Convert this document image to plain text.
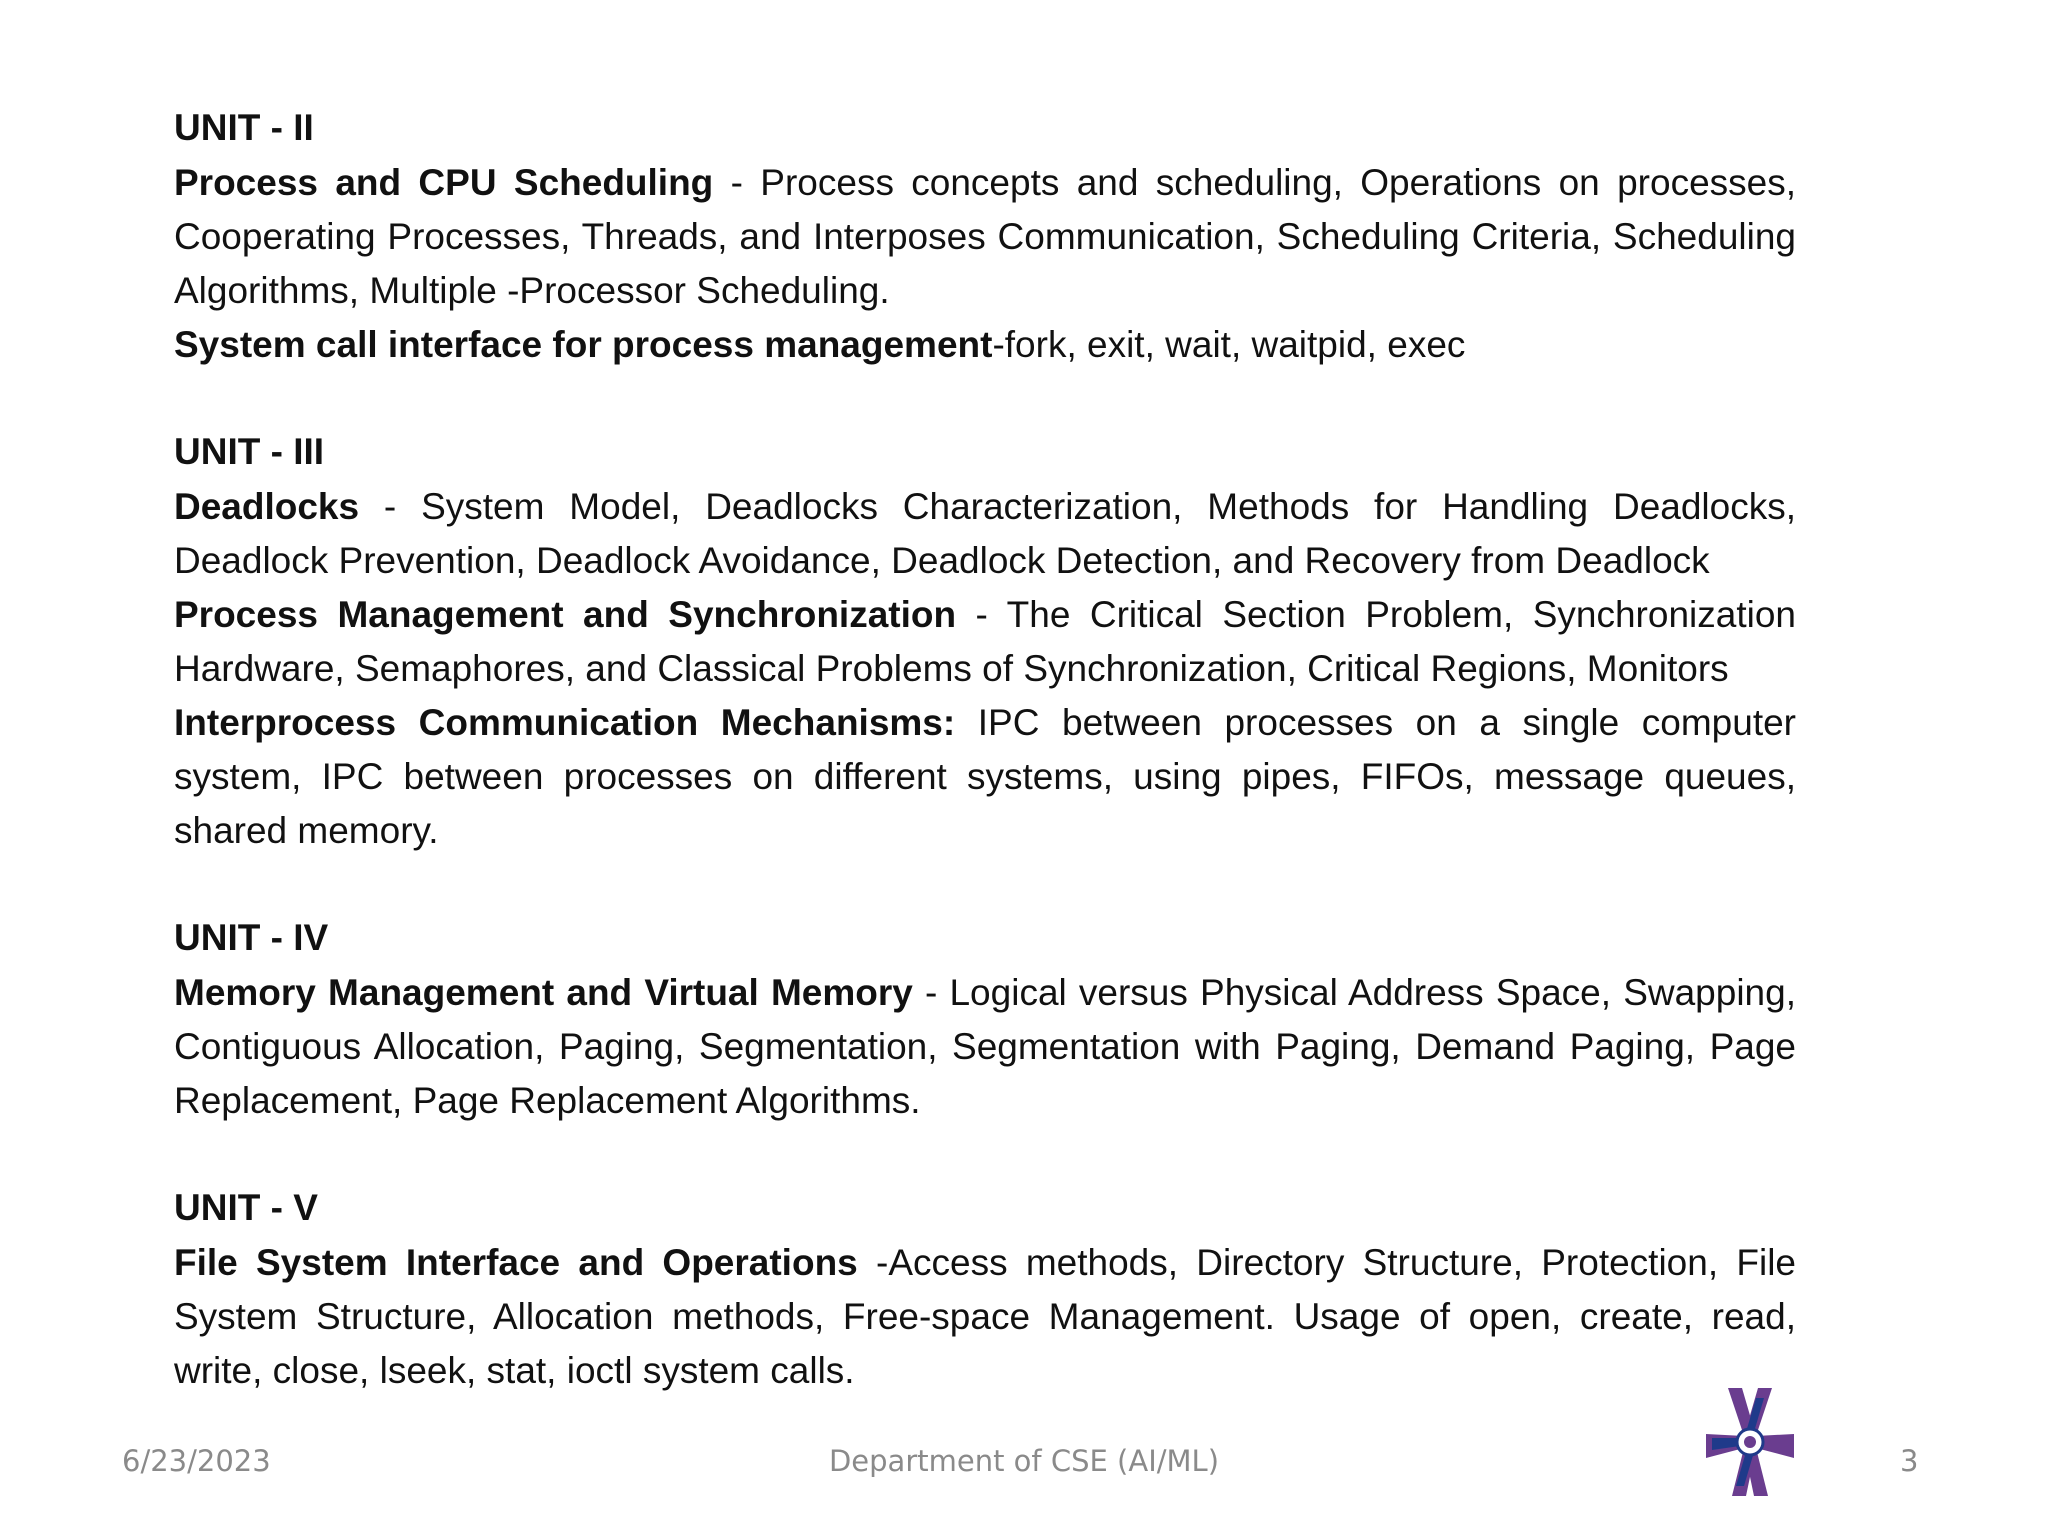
UNIT - II

Process and CPU Scheduling - Process concepts and scheduling, Operations on processes, Cooperating Processes, Threads, and Interposes Communication, Scheduling Criteria, Scheduling Algorithms, Multiple -Processor Scheduling.

System call interface for process management-fork, exit, wait, waitpid, exec

UNIT - III

Deadlocks - System Model, Deadlocks Characterization, Methods for Handling Deadlocks, Deadlock Prevention, Deadlock Avoidance, Deadlock Detection, and Recovery from Deadlock

Process Management and Synchronization - The Critical Section Problem, Synchronization Hardware, Semaphores, and Classical Problems of Synchronization, Critical Regions, Monitors

Interprocess Communication Mechanisms: IPC between processes on a single computer system, IPC between processes on different systems, using pipes, FIFOs, message queues, shared memory.

UNIT - IV

Memory Management and Virtual Memory - Logical versus Physical Address Space, Swapping, Contiguous Allocation, Paging, Segmentation, Segmentation with Paging, Demand Paging, Page Replacement, Page Replacement Algorithms.

UNIT - V

File System Interface and Operations -Access methods, Directory Structure, Protection, File System Structure, Allocation methods, Free-space Management. Usage of open, create, read, write, close, lseek, stat, ioctl system calls.

6/23/2023	Department of CSE (AI/ML)	3
